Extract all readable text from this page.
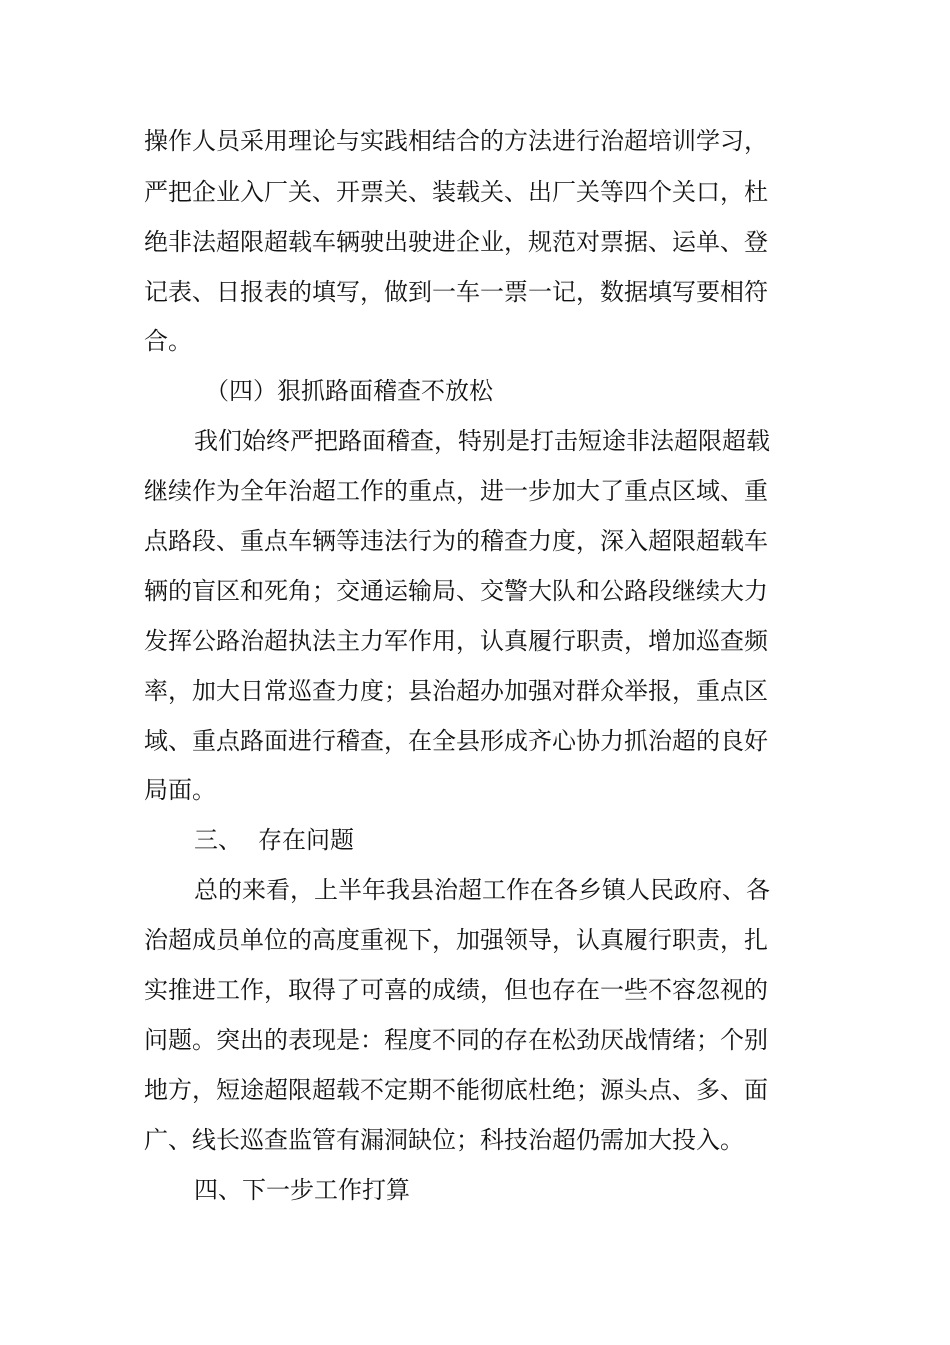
操作人员采用理论与实践相结合的方法进行治超培训学习，
严把企业入厂关、开票关、装载关、出厂关等四个关口，杜
绝非法超限超载车辆驶出驶进企业，规范对票据、运单、登
记表、日报表的填写，做到一车一票一记，数据填写要相符
合。
（四）狠抓路面稽查不放松
我们始终严把路面稽查，特别是打击短途非法超限超载
继续作为全年治超工作的重点，进一步加大了重点区域、重
点路段、重点车辆等违法行为的稽查力度，深入超限超载车
辆的盲区和死角；交通运输局、交警大队和公路段继续大力
发挥公路治超执法主力军作用，认真履行职责，增加巡查频
率，加大日常巡查力度；县治超办加强对群众举报，重点区
域、重点路面进行稽查，在全县形成齐心协力抓治超的良好
局面。
三、 存在问题
总的来看，上半年我县治超工作在各乡镇人民政府、各
治超成员单位的高度重视下，加强领导，认真履行职责，扎
实推进工作，取得了可喜的成绩，但也存在一些不容忽视的
问题。突出的表现是：程度不同的存在松劲厌战情绪；个别
地方，短途超限超载不定期不能彻底杜绝；源头点、多、面
广、线长巡查监管有漏洞缺位；科技治超仍需加大投入。
四、下一步工作打算
